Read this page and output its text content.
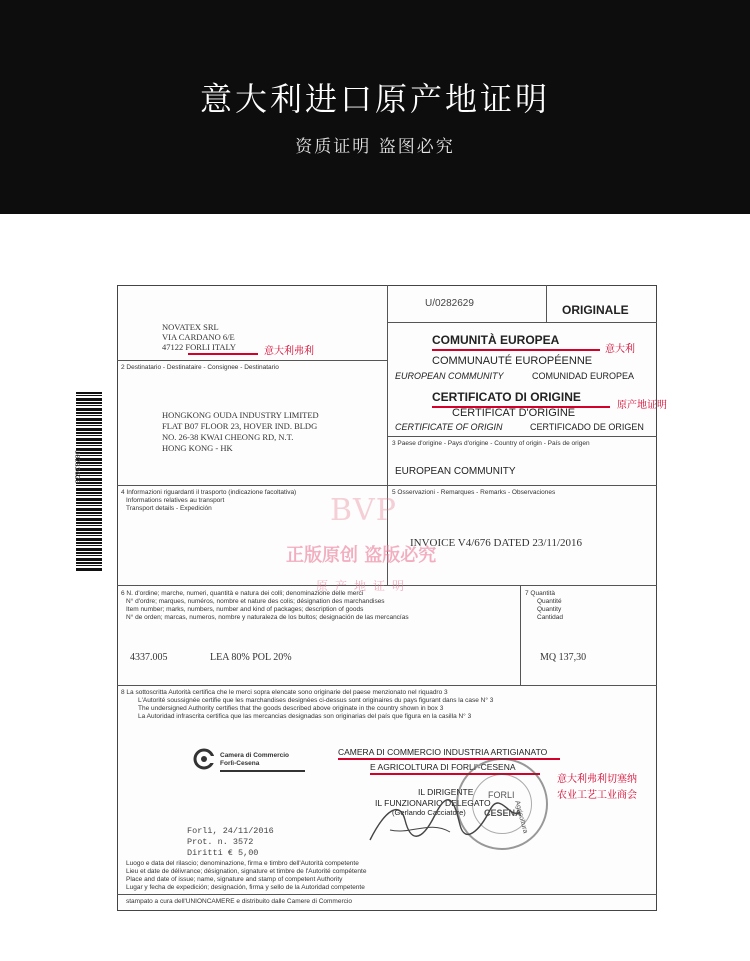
意大利进口原产地证明
资质证明 盗图必究
U0282629
NOVATEX SRL
VIA CARDANO 6/E
47122 FORLI ITALY	意大利弗利
2 Destinatario - Destinataire - Consignee - Destinatario
HONGKONG OUDA INDUSTRY LIMITED
FLAT B07 FLOOR 23, HOVER IND. BLDG
NO. 26-38 KWAI CHEONG RD, N.T.
HONG KONG - HK
U/0282629	ORIGINALE
COMUNITÀ EUROPEA
意大利
COMMUNAUTÉ EUROPÉENNE
EUROPEAN COMMUNITY	COMUNIDAD EUROPEA
CERTIFICATO DI ORIGINE
原产地证明
CERTIFICAT D'ORIGINE
CERTIFICATE OF ORIGIN	CERTIFICADO DE ORIGEN
3 Paese d'origine - Pays d'origine - Country of origin - País de origen
EUROPEAN COMMUNITY
4 Informazioni riguardanti il trasporto (indicazione facoltativa)
Informations relatives au transport
Transport details - Expedición
5 Osservazioni - Remarques - Remarks - Observaciones
INVOICE V4/676 DATED 23/11/2016
BVP
正版原创 盗版必究
原产地证明
6 N. d'ordine; marche, numeri, quantità e natura dei colli; denominazione delle merci
N° d'ordre; marques, numéros, nombre et nature des colis; désignation des marchandises
Item number; marks, numbers, number and kind of packages; description of goods
N° de orden; marcas, numeros, nombre y naturaleza de los bultos; designación de las mercancías
4337.005	LEA 80% POL 20%
7 Quantità
Quantité
Quantity
Cantidad
MQ 137,30
8 La sottoscritta Autorità certifica che le merci sopra elencate sono originarie del paese menzionato nel riquadro 3
L'Autorité soussignée certifie que les marchandises designées ci-dessus sont originaires du pays figurant dans la case N° 3
The undersigned Authority certifies that the goods described above originate in the country shown in box 3
La Autoridad infrascrita certifica que las mercancias designadas son originarias del país que figura en la casilla N° 3
Camera di Commercio
Forlì-Cesena
CAMERA DI COMMERCIO INDUSTRIA ARTIGIANATO
E AGRICOLTURA DI FORLI'-CESENA
意大利弗利切塞纳
农业工艺工业商会
IL DIRIGENTE
IL FUNZIONARIO DELEGATO
(Gerlando Cacciatore)
FORLI
CESENA
Agricoltura
Forlì, 24/11/2016
Prot. n. 3572
Diritti € 5,00
Luogo e data del rilascio; denominazione, firma e timbro dell'Autorità competente
Lieu et date de délivrance; désignation, signature et timbre de l'Autorité compétente
Place and date of issue; name, signature and stamp of competent Authority
Lugar y fecha de expedición; designación, firma y sello de la Autoridad competente
stampato a cura dell'UNIONCAMERE e distribuito dalle Camere di Commercio
